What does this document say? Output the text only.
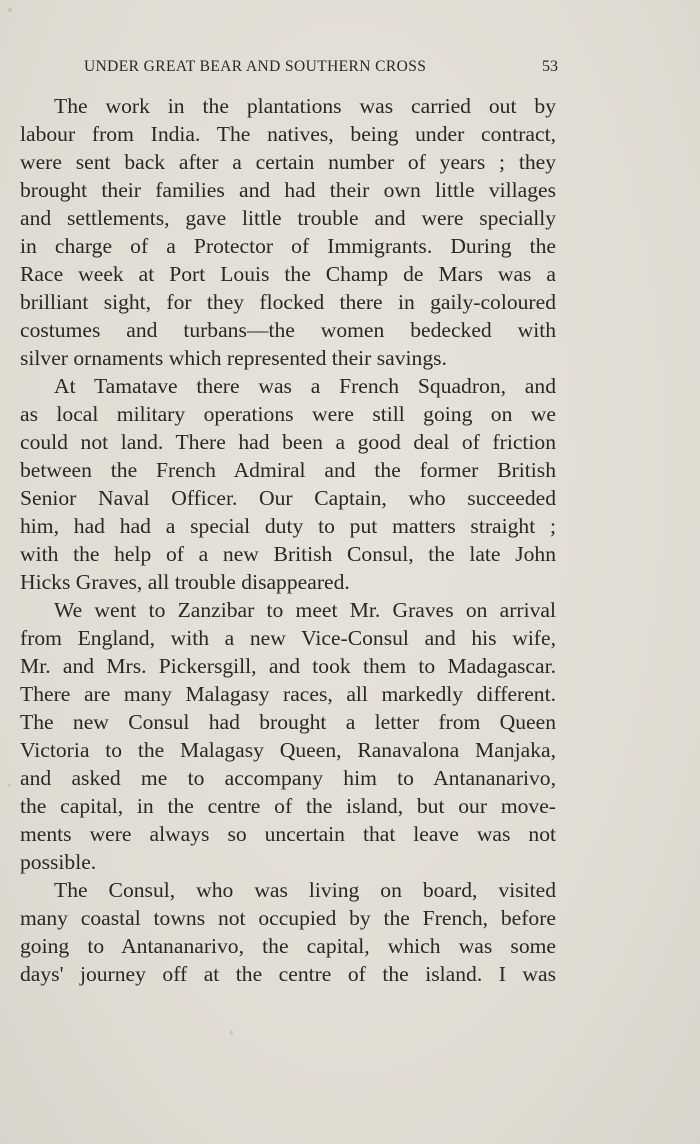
UNDER GREAT BEAR AND SOUTHERN CROSS	53
The work in the plantations was carried out by
labour from India. The natives, being under contract,
were sent back after a certain number of years ; they
brought their families and had their own little villages
and settlements, gave little trouble and were specially
in charge of a Protector of Immigrants. During the
Race week at Port Louis the Champ de Mars was a
brilliant sight, for they flocked there in gaily-coloured
costumes and turbans—the women bedecked with
silver ornaments which represented their savings.
At Tamatave there was a French Squadron, and
as local military operations were still going on we
could not land. There had been a good deal of friction
between the French Admiral and the former British
Senior Naval Officer. Our Captain, who succeeded
him, had had a special duty to put matters straight ;
with the help of a new British Consul, the late John
Hicks Graves, all trouble disappeared.
We went to Zanzibar to meet Mr. Graves on arrival
from England, with a new Vice-Consul and his wife,
Mr. and Mrs. Pickersgill, and took them to Madagascar.
There are many Malagasy races, all markedly different.
The new Consul had brought a letter from Queen
Victoria to the Malagasy Queen, Ranavalona Manjaka,
and asked me to accompany him to Antananarivo,
the capital, in the centre of the island, but our move-
ments were always so uncertain that leave was not
possible.
The Consul, who was living on board, visited
many coastal towns not occupied by the French, before
going to Antananarivo, the capital, which was some
days' journey off at the centre of the island. I was
